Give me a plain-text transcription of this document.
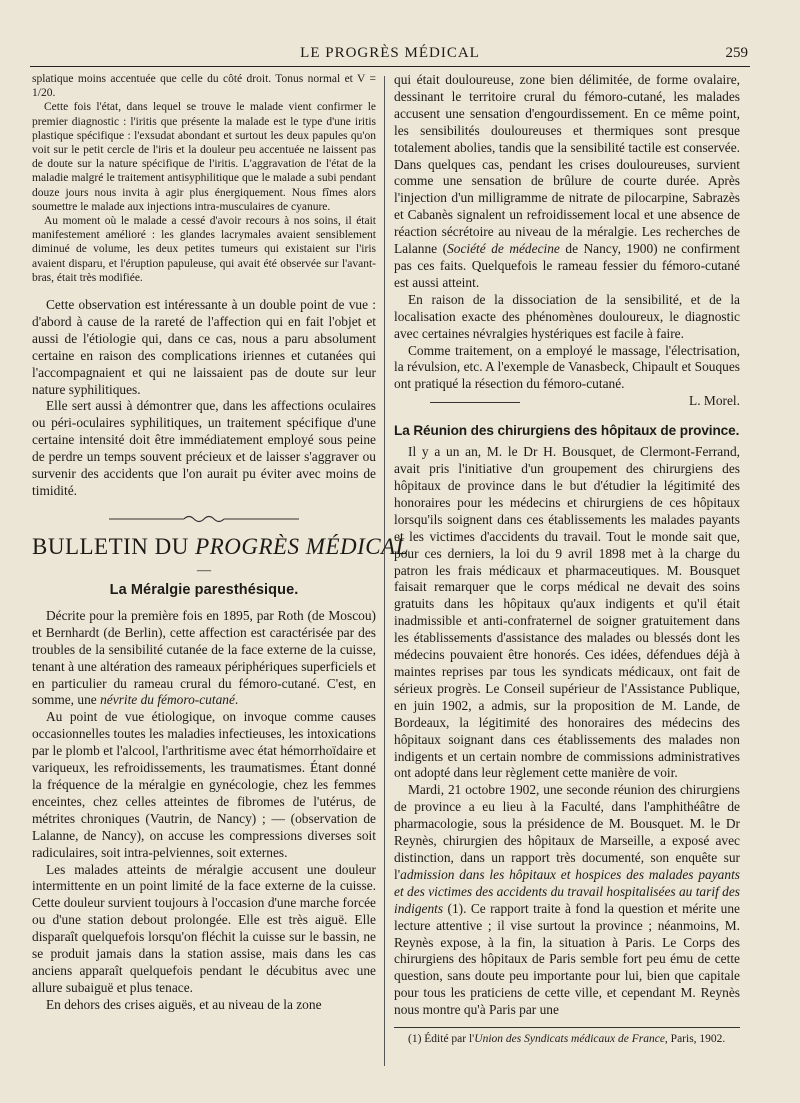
LE PROGRÈS MÉDICAL	259

splatique moins accentuée que celle du côté droit. Tonus normal et V = 1/20.

Cette fois l'état, dans lequel se trouve le malade vient confirmer le premier diagnostic : l'iritis que présente la malade est le type d'une iritis plastique spécifique : l'exsudat abondant et surtout les deux papules qu'on voit sur le petit cercle de l'iris et la douleur peu accentuée ne laissent pas de doute sur la nature spécifique de l'iritis. L'aggravation de l'état de la maladie malgré le traitement antisyphilitique que le malade a subi pendant douze jours nous invita à agir plus énergiquement. Nous fîmes alors soumettre le malade aux injections intra-musculaires de cyanure.

Au moment où le malade a cessé d'avoir recours à nos soins, il était manifestement amélioré : les glandes lacrymales avaient sensiblement diminué de volume, les deux petites tumeurs qui existaient sur l'iris avaient disparu, et l'éruption papuleuse, qui avait été observée sur l'avant-bras, était très modifiée.

Cette observation est intéressante à un double point de vue : d'abord à cause de la rareté de l'affection qui en fait l'objet et aussi de l'étiologie qui, dans ce cas, nous a paru absolument certaine en raison des complications iriennes et cutanées qui l'accompagnaient et qui ne laissaient pas de doute sur leur nature syphilitiques.

Elle sert aussi à démontrer que, dans les affections oculaires ou péri-oculaires syphilitiques, un traitement spécifique d'une certaine intensité doit être immédiatement employé sous peine de perdre un temps souvent précieux et de laisser s'aggraver ou survenir des accidents que l'on aurait pu éviter avec moins de timidité.

BULLETIN DU PROGRÈS MÉDICAL
—
La Méralgie paresthésique.

Décrite pour la première fois en 1895, par Roth (de Moscou) et Bernhardt (de Berlin), cette affection est caractérisée par des troubles de la sensibilité cutanée de la face externe de la cuisse, tenant à une altération des rameaux périphériques superficiels et en particulier du rameau crural du fémoro-cutané. C'est, en somme, une névrite du fémoro-cutané.

Au point de vue étiologique, on invoque comme causes occasionnelles toutes les maladies infectieuses, les intoxications par le plomb et l'alcool, l'arthritisme avec état hémorrhoïdaire et variqueux, les refroidissements, les traumatismes. Étant donné la fréquence de la méralgie en gynécologie, chez les femmes enceintes, chez celles atteintes de fibromes de l'utérus, de métrites chroniques (Vautrin, de Nancy) ; — (observation de Lalanne, de Nancy), on accuse les compressions diverses soit radiculaires, soit intra-pelviennes, soit externes.

Les malades atteints de méralgie accusent une douleur intermittente en un point limité de la face externe de la cuisse. Cette douleur survient toujours à l'occasion d'une marche forcée ou d'une station debout prolongée. Elle est très aiguë. Elle disparaît quelquefois lorsqu'on fléchit la cuisse sur le bassin, ne se produit jamais dans la station assise, mais dans les cas anciens apparaît quelquefois pendant le décubitus avec une allure subaiguë et plus tenace.

En dehors des crises aiguës, et au niveau de la zone

qui était douloureuse, zone bien délimitée, de forme ovalaire, dessinant le territoire crural du fémoro-cutané, les malades accusent une sensation d'engourdissement. En ce même point, les sensibilités douloureuses et thermiques sont presque totalement abolies, tandis que la sensibilité tactile est conservée. Dans quelques cas, pendant les crises douloureuses, survient comme une sensation de brûlure de courte durée. Après l'injection d'un milligramme de nitrate de pilocarpine, Sabrazès et Cabanès signalent un refroidissement local et une absence de réaction sécrétoire au niveau de la méralgie. Les recherches de Lalanne (Société de médecine de Nancy, 1900) ne confirment pas ces faits. Quelquefois le rameau fessier du fémoro-cutané est aussi atteint.

En raison de la dissociation de la sensibilité, et de la localisation exacte des phénomènes douloureux, le diagnostic avec certaines névralgies hystériques est facile à faire.

Comme traitement, on a employé le massage, l'électrisation, la révulsion, etc. A l'exemple de Vanasbeck, Chipault et Souques ont pratiqué la résection du fémoro-cutané.

L. Morel.
La Réunion des chirurgiens des hôpitaux de province.

Il y a un an, M. le Dr H. Bousquet, de Clermont-Ferrand, avait pris l'initiative d'un groupement des chirurgiens des hôpitaux de province dans le but d'étudier la légitimité des honoraires pour les médecins et chirurgiens de ces hôpitaux lorsqu'ils soignent dans ces établissements les malades payants et les victimes d'accidents du travail. Tout le monde sait que, pour ces derniers, la loi du 9 avril 1898 met à la charge du patron les frais médicaux et pharmaceutiques. M. Bousquet faisait remarquer que le corps médical ne devait des soins gratuits dans les hôpitaux qu'aux indigents et qu'il était inadmissible et anti-confraternel de soigner gratuitement dans les établissements d'assistance des malades ou blessés dont les médecins pouvaient être honorés. Ces idées, défendues déjà à maintes reprises par tous les syndicats médicaux, ont fait de sérieux progrès. Le Conseil supérieur de l'Assistance Publique, en juin 1902, a admis, sur la proposition de M. Lande, de Bordeaux, la légitimité des honoraires des médecins des hôpitaux soignant dans ces établissements des malades non indigents et un certain nombre de commissions administratives ont adopté dans leur règlement cette manière de voir.

Mardi, 21 octobre 1902, une seconde réunion des chirurgiens de province a eu lieu à la Faculté, dans l'amphithéâtre de pharmacologie, sous la présidence de M. Bousquet. M. le Dr Reynès, chirurgien des hôpitaux de Marseille, a exposé avec distinction, dans un rapport très documenté, son enquête sur l'admission dans les hôpitaux et hospices des malades payants et des victimes des accidents du travail hospitalisées au tarif des indigents (1). Ce rapport traite à fond la question et mérite une lecture attentive ; il vise surtout la province ; néanmoins, M. Reynès expose, à la fin, la situation à Paris. Le Corps des chirurgiens des hôpitaux de Paris semble fort peu ému de cette question, sans doute peu importante pour lui, bien que capitale pour tous les praticiens de cette ville, et cependant M. Reynès nous montre qu'à Paris par une

(1) Édité par l'Union des Syndicats médicaux de France, Paris, 1902.
